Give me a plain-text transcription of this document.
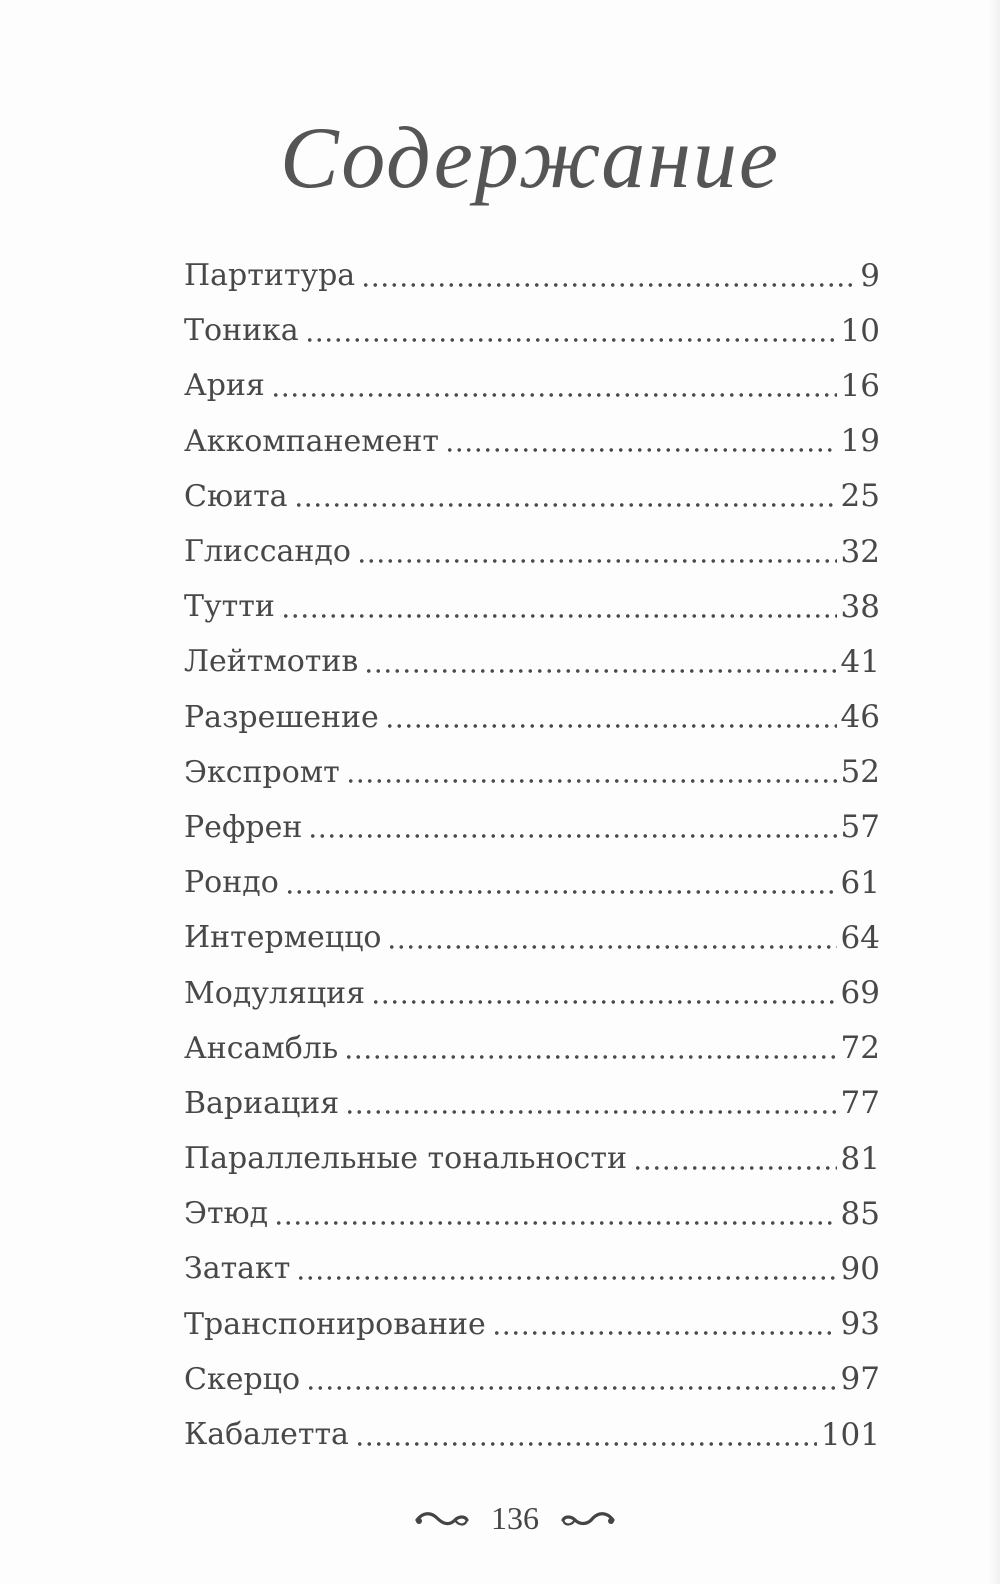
Содержание
Партитура	9
Тоника	10
Ария	16
Аккомпанемент	19
Сюита	25
Глиссандо	32
Тутти	38
Лейтмотив	41
Разрешение	46
Экспромт	52
Рефрен	57
Рондо	61
Интермеццо	64
Модуляция	69
Ансамбль	72
Вариация	77
Параллельные тональности	81
Этюд	85
Затакт	90
Транспонирование	93
Скерцо	97
Кабалетта	101
136
